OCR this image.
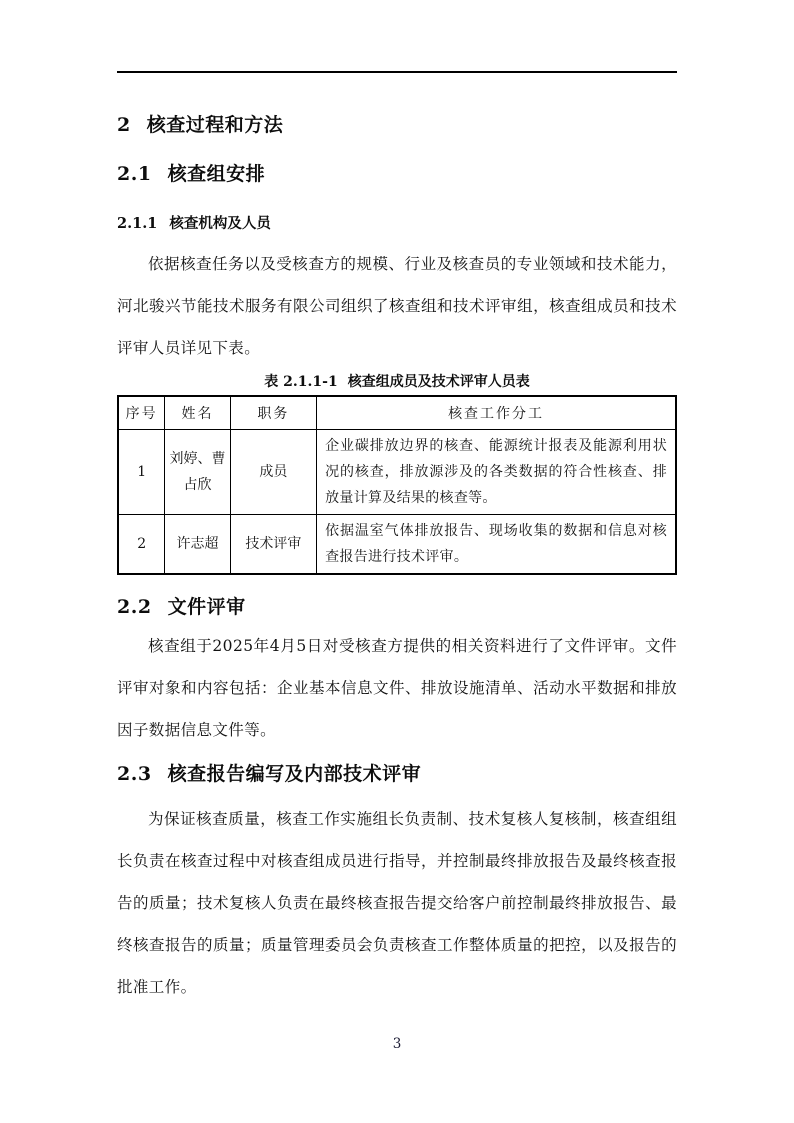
2 核查过程和方法
2.1 核查组安排
2.1.1 核查机构及人员

依据核查任务以及受核查方的规模、行业及核查员的专业领域和技术能力，河北骏兴节能技术服务有限公司组织了核查组和技术评审组，核查组成员和技术评审人员详见下表。

表 2.1.1-1 核查组成员及技术评审人员表
序号	姓名	职务	核查工作分工
1	刘婷、曹占欣	成员	企业碳排放边界的核查、能源统计报表及能源利用状况的核查，排放源涉及的各类数据的符合性核查、排放量计算及结果的核查等。
2	许志超	技术评审	依据温室气体排放报告、现场收集的数据和信息对核查报告进行技术评审。
2.2 文件评审

核查组于2025年4月5日对受核查方提供的相关资料进行了文件评审。文件评审对象和内容包括：企业基本信息文件、排放设施清单、活动水平数据和排放因子数据信息文件等。

2.3 核查报告编写及内部技术评审

为保证核查质量，核查工作实施组长负责制、技术复核人复核制，核查组组长负责在核查过程中对核查组成员进行指导，并控制最终排放报告及最终核查报告的质量；技术复核人负责在最终核查报告提交给客户前控制最终排放报告、最终核查报告的质量；质量管理委员会负责核查工作整体质量的把控，以及报告的批准工作。

3
